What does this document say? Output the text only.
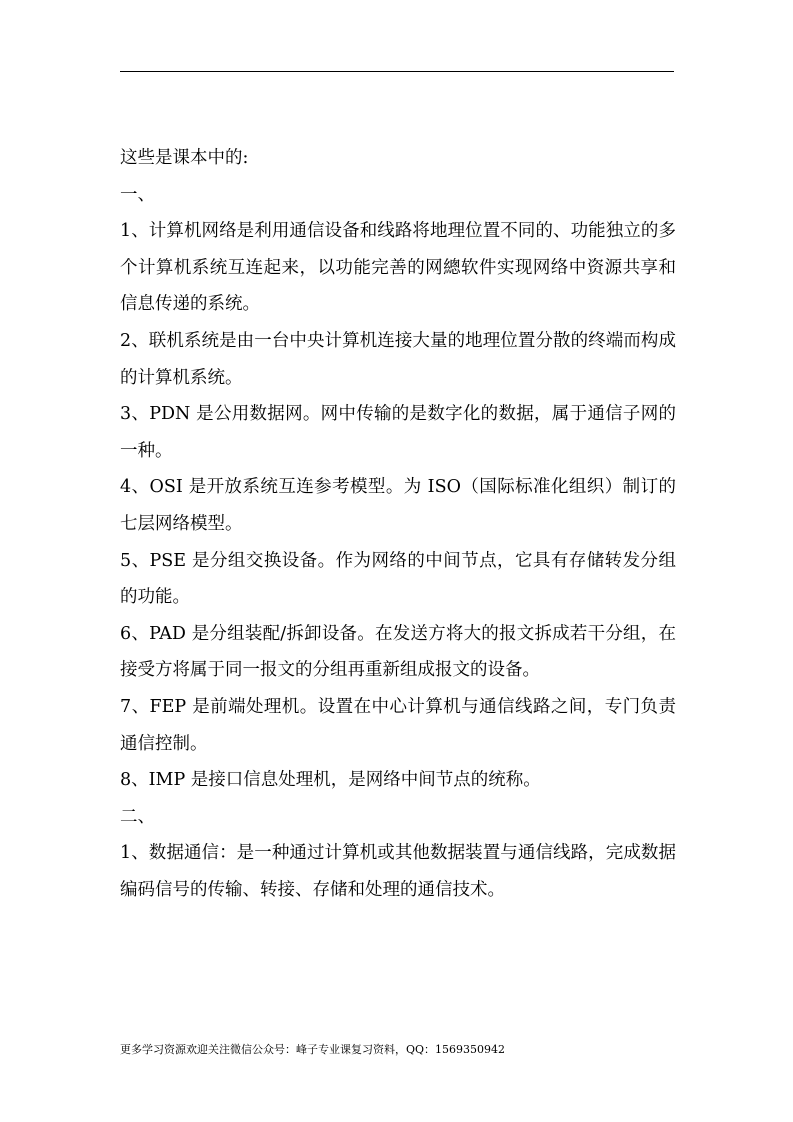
这些是课本中的:

一、

1、计算机网络是利用通信设备和线路将地理位置不同的、功能独立的多个计算机系统互连起来，以功能完善的网總软件实现网络中资源共享和信息传递的系统。

2、联机系统是由一台中央计算机连接大量的地理位置分散的终端而构成的计算机系统。

3、PDN 是公用数据网。网中传输的是数字化的数据，属于通信子网的一种。

4、OSI 是开放系统互连参考模型。为 ISO（国际标准化组织）制订的七层网络模型。

5、PSE 是分组交换设备。作为网络的中间节点，它具有存储转发分组的功能。

6、PAD 是分组装配/拆卸设备。在发送方将大的报文拆成若干分组，在接受方将属于同一报文的分组再重新组成报文的设备。

7、FEP 是前端处理机。设置在中心计算机与通信线路之间，专门负责通信控制。

8、IMP 是接口信息处理机，是网络中间节点的统称。

二、

1、数据通信：是一种通过计算机或其他数据装置与通信线路，完成数据编码信号的传输、转接、存储和处理的通信技术。

更多学习资源欢迎关注微信公众号：峰子专业课复习资料，QQ：1569350942
